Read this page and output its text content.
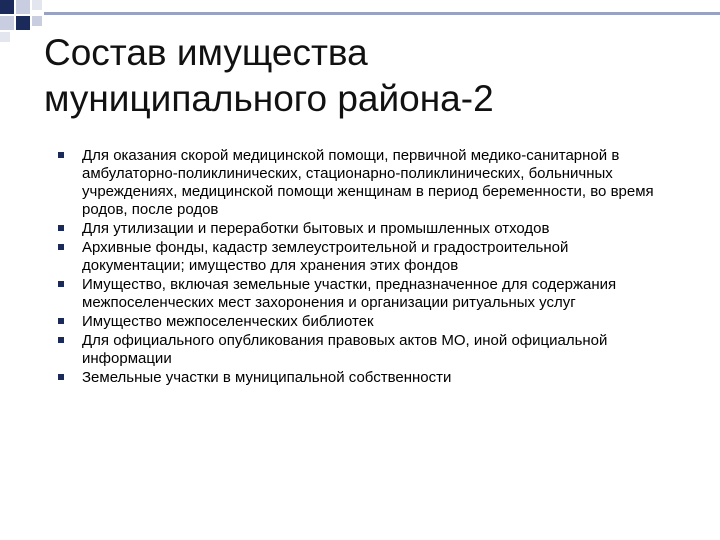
Состав имущества
муниципального района-2
Для оказания скорой медицинской помощи, первичной медико-санитарной в амбулаторно-поликлинических, стационарно-поликлинических, больничных учреждениях, медицинской помощи женщинам в период беременности, во время родов, после родов
Для утилизации и переработки бытовых и промышленных отходов
Архивные фонды, кадастр землеустроительной и градостроительной документации; имущество для хранения этих фондов
Имущество, включая земельные участки, предназначенное для содержания межпоселенческих мест захоронения и организации ритуальных услуг
Имущество межпоселенческих библиотек
Для официального опубликования правовых актов МО, иной официальной информации
Земельные участки в муниципальной собственности
